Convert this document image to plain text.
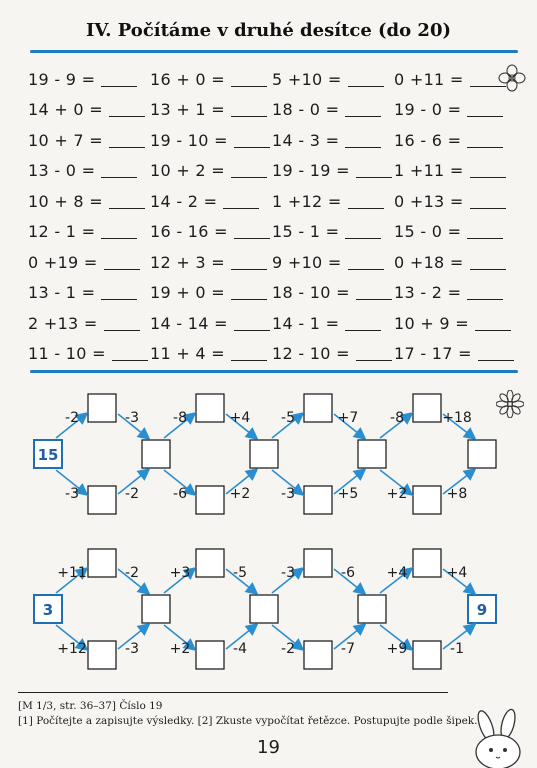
IV. Počítáme v druhé desítce (do 20)
19 - 9 =	16 + 0 =	5 +10 =	0 +11 =
14 + 0 =	13 + 1 =	18 - 0 =	19 - 0 =
10 + 7 =	19 - 10 =	14 - 3 =	16 - 6 =
13 - 0 =	10 + 2 =	19 - 19 =	1 +11 =
10 + 8 =	14 - 2 =	1 +12 =	0 +13 =
12 - 1 =	16 - 16 =	15 - 1 =	15 - 0 =
0 +19 =	12 + 3 =	9 +10 =	0 +18 =
13 - 1 =	19 + 0 =	18 - 10 =	13 - 2 =
2 +13 =	14 - 14 =	14 - 1 =	10 + 9 =
11 - 10 =	11 + 4 =	12 - 10 =	17 - 17 =
15
-2	-3
-3	-2
-8	+4
-6	+2
-5	+7
-3	+5
-8	+18
+2	+8
3	9
+11	-2
+12	-3
+3	-5
+2	-4
-3	-6
-2	-7
+4	+4
+9	-1
[M 1/3, str. 36–37] Číslo 19
[1] Počítejte a zapisujte výsledky. [2] Zkuste vypočítat řetězce. Postupujte podle šipek.
19
